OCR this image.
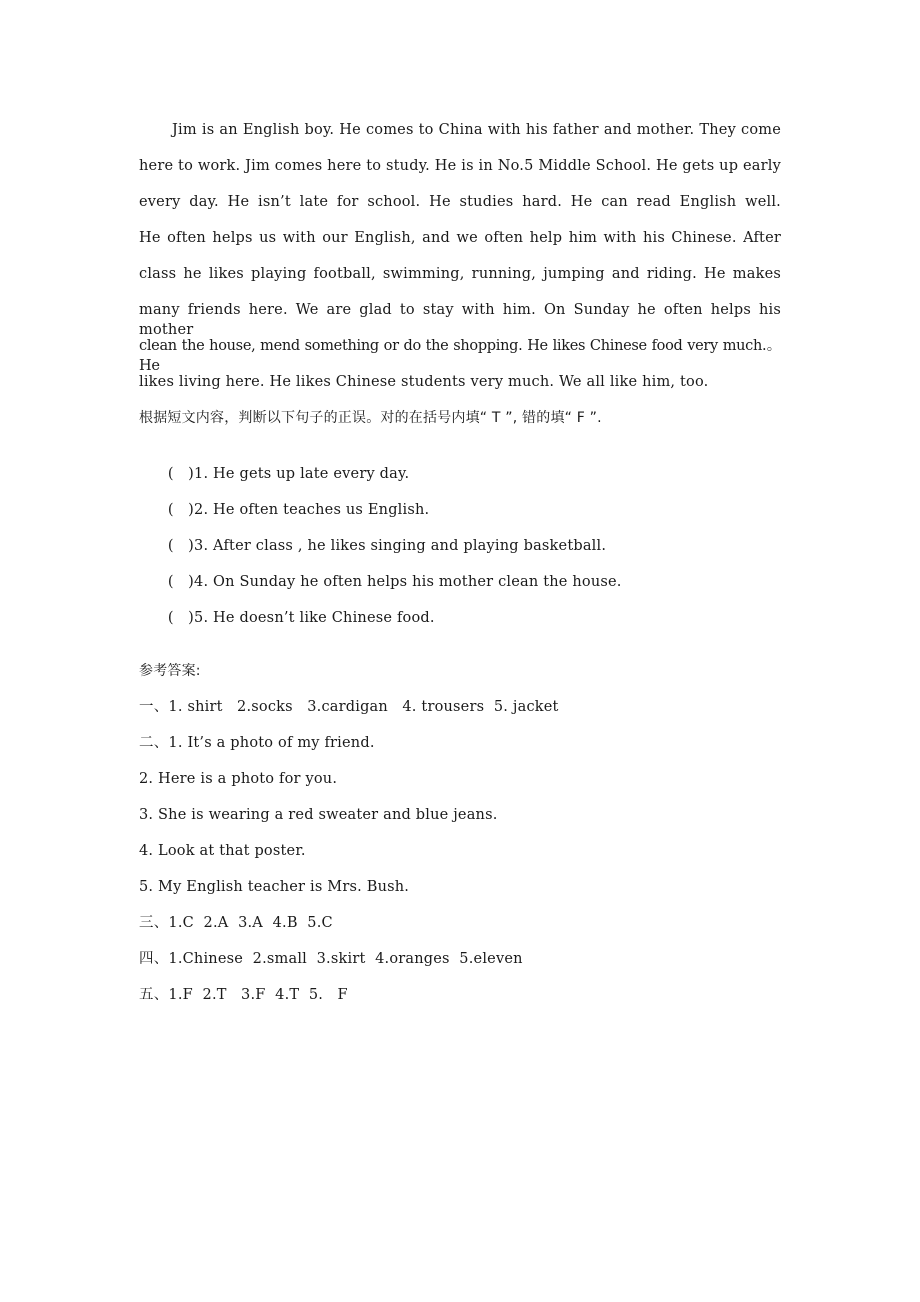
Jim is an English boy. He comes to China with his father and mother. They come
here to work. Jim comes here to study. He is in No.5 Middle School. He gets up early
every day. He isn’t late for school. He studies hard. He can read English well.
He often helps us with our English, and we often help him with his Chinese. After
class he likes playing football, swimming, running, jumping and riding. He makes
many friends here. We are glad to stay with him. On Sunday he often helps his mother
clean the house, mend something or do the shopping. He likes Chinese food very much.。He
likes living here. He likes Chinese students very much. We all like him, too.
根据短文内容，判断以下句子的正误。对的在括号内填“ T ”, 错的填“ F ”.

(   )1. He gets up late every day.

(   )2. He often teaches us English.

(   )3. After class , he likes singing and playing basketball.

(   )4. On Sunday he often helps his mother clean the house.

(   )5. He doesn’t like Chinese food.

参考答案:
一、1. shirt   2.socks   3.cardigan   4. trousers  5. jacket
二、1. It’s a photo of my friend.
2. Here is a photo for you.
3. She is wearing a red sweater and blue jeans.
4. Look at that poster.
5. My English teacher is Mrs. Bush.
三、1.C  2.A  3.A  4.B  5.C
四、1.Chinese  2.small  3.skirt  4.oranges  5.eleven
五、1.F  2.T   3.F  4.T  5.   F
